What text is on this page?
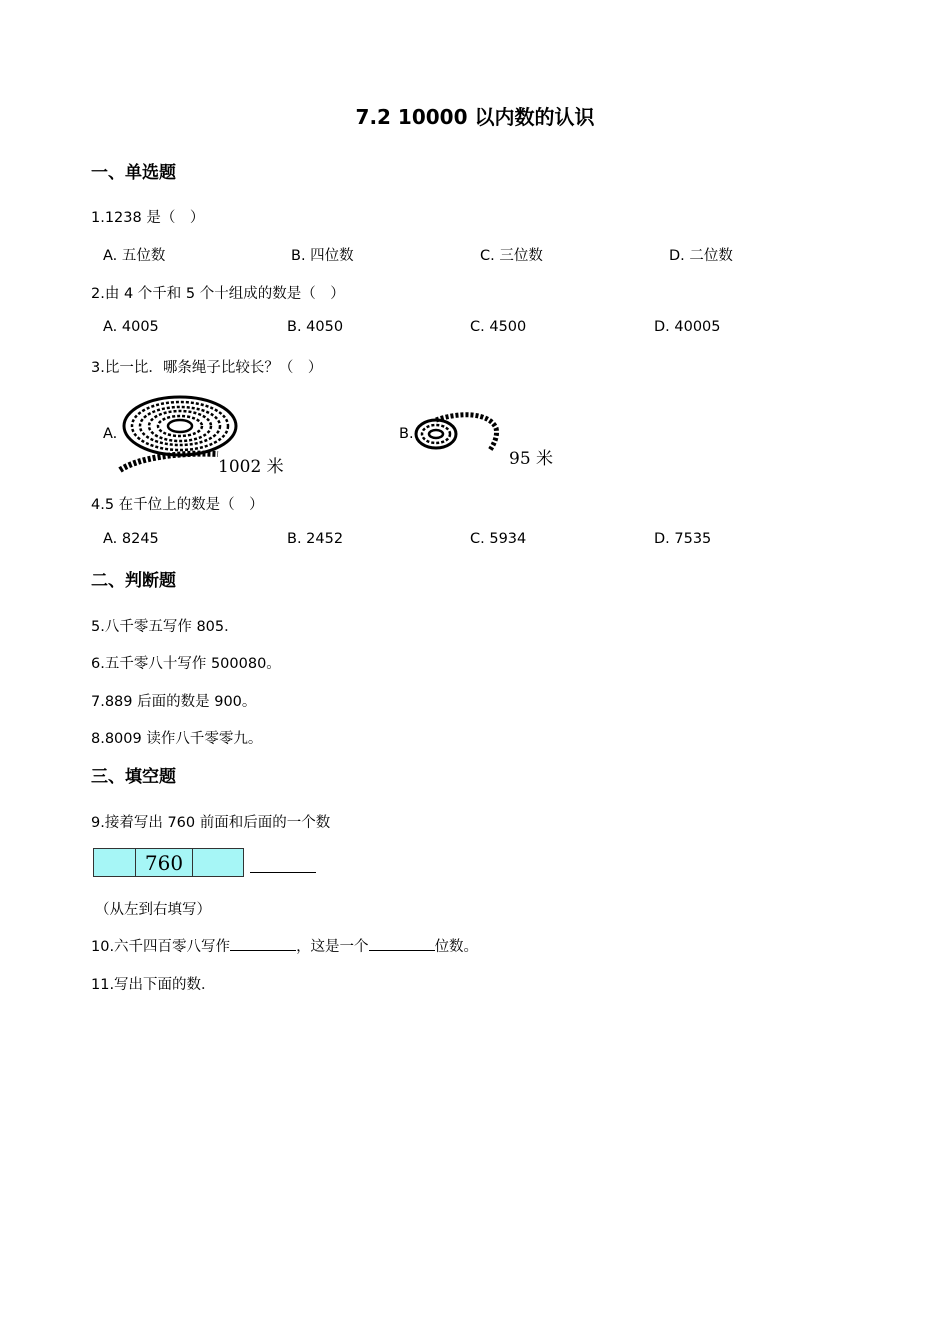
7.2 10000 以内数的认识
一、单选题
1.1238 是（　）
A. 五位数	B. 四位数	C. 三位数	D. 二位数
2.由 4 个千和 5 个十组成的数是（　）
A. 4005	B. 4050	C. 4500	D. 40005
3.比一比．哪条绳子比较长？（　）
A.
1002 米
B.
95 米
4.5 在千位上的数是（　）
A. 8245	B. 2452	C. 5934	D. 7535
二、判断题
5.八千零五写作 805．
6.五千零八十写作 500080。
7.889 后面的数是 900。
8.8009 读作八千零零九。
三、填空题
9.接着写出 760 前面和后面的一个数
760
（从左到右填写）
10.六千四百零八写作	，这是一个	位数。
11.写出下面的数．
